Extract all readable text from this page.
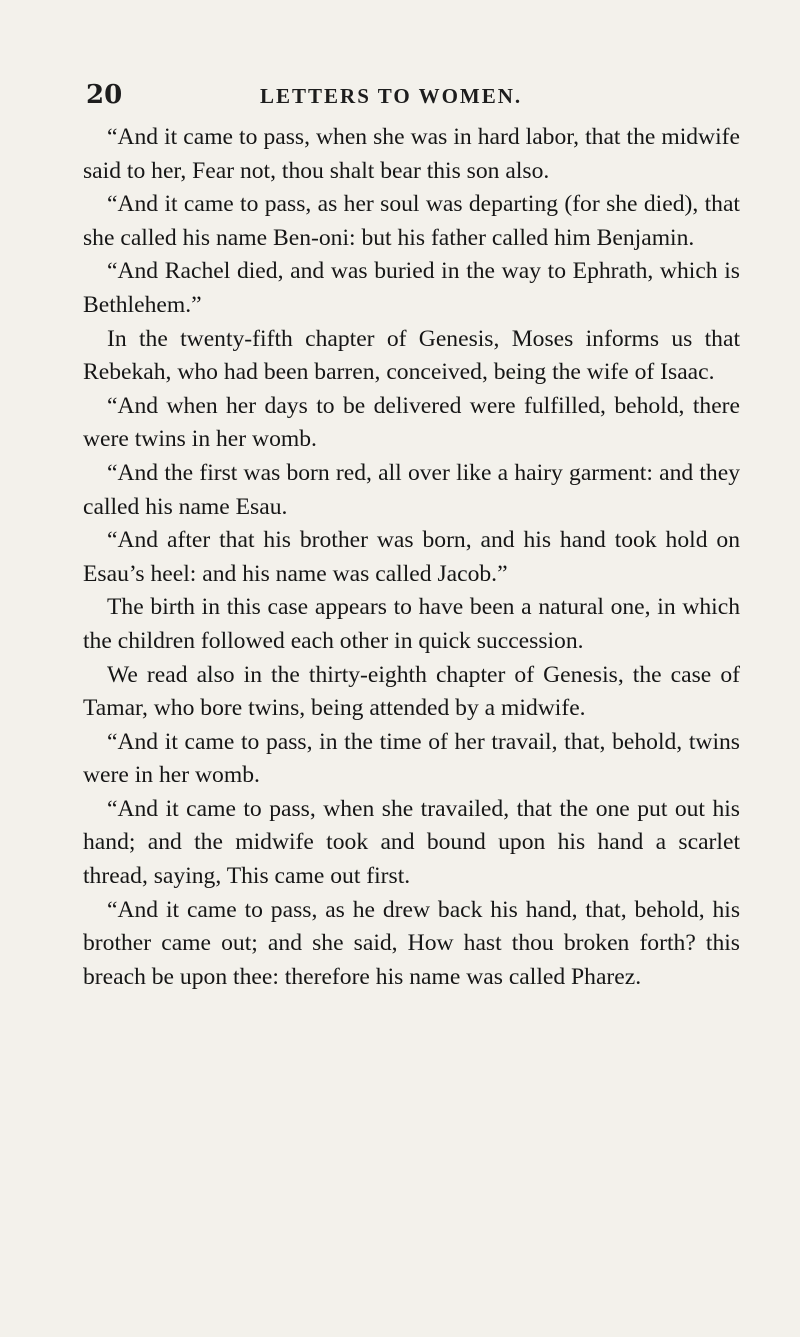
20	LETTERS TO WOMEN.

“And it came to pass, when she was in hard labor, that the midwife said to her, Fear not, thou shalt bear this son also.

“And it came to pass, as her soul was departing (for she died), that she called his name Ben-oni: but his father called him Benjamin.

“And Rachel died, and was buried in the way to Ephrath, which is Bethlehem.”

In the twenty-fifth chapter of Genesis, Moses informs us that Rebekah, who had been barren, conceived, being the wife of Isaac.

“And when her days to be delivered were fulfilled, behold, there were twins in her womb.

“And the first was born red, all over like a hairy garment: and they called his name Esau.

“And after that his brother was born, and his hand took hold on Esau’s heel: and his name was called Jacob.”

The birth in this case appears to have been a natural one, in which the children followed each other in quick succession.

We read also in the thirty-eighth chapter of Genesis, the case of Tamar, who bore twins, being attended by a midwife.

“And it came to pass, in the time of her travail, that, behold, twins were in her womb.

“And it came to pass, when she travailed, that the one put out his hand; and the midwife took and bound upon his hand a scarlet thread, saying, This came out first.

“And it came to pass, as he drew back his hand, that, behold, his brother came out; and she said, How hast thou broken forth? this breach be upon thee: therefore his name was called Pharez.
